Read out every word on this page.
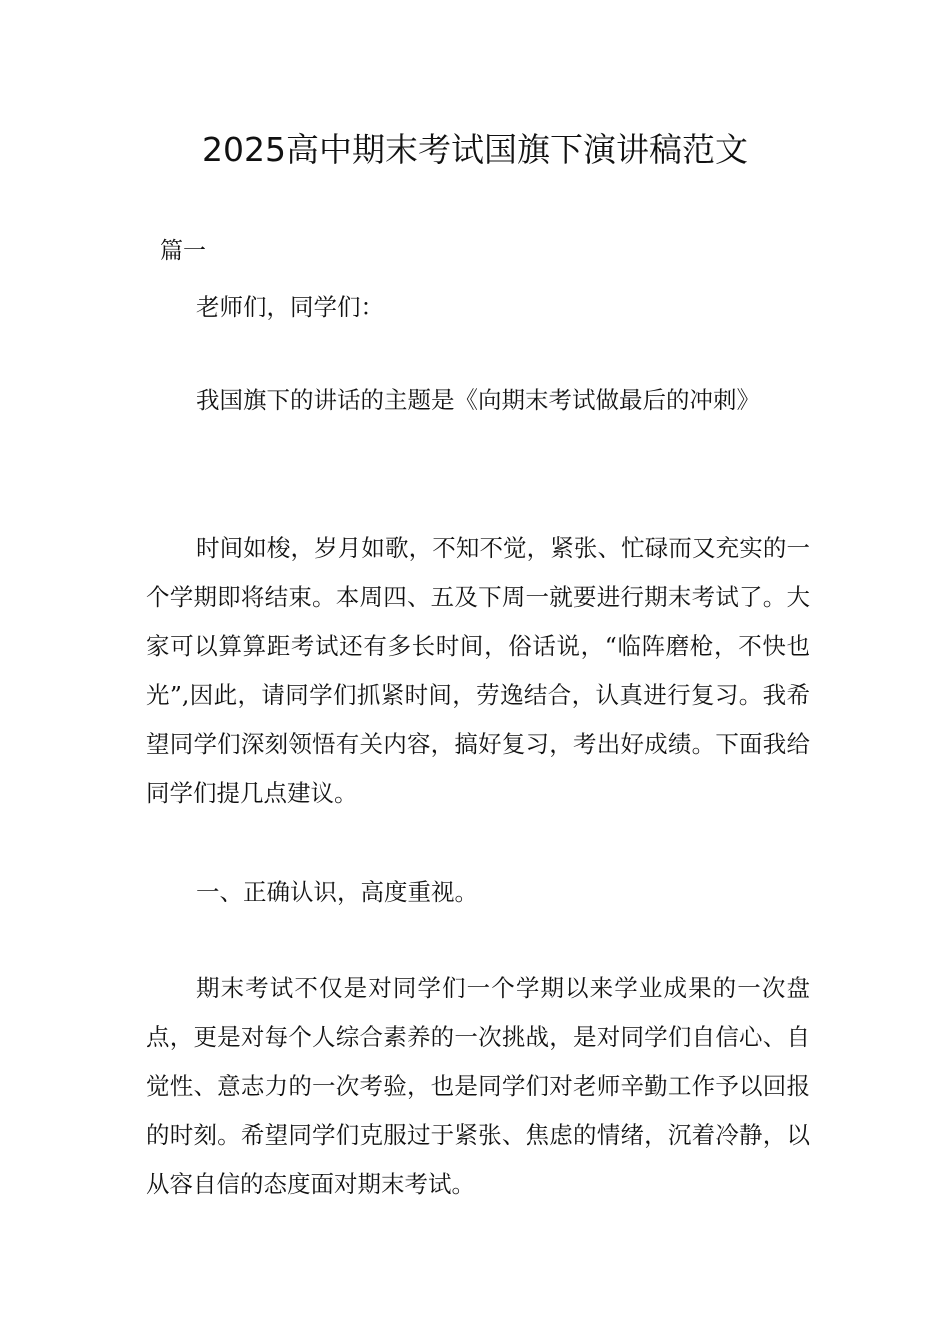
2025高中期末考试国旗下演讲稿范文
篇一

老师们，同学们：

我国旗下的讲话的主题是《向期末考试做最后的冲刺》

时间如梭，岁月如歌，不知不觉，紧张、忙碌而又充实的一个学期即将结束。本周四、五及下周一就要进行期末考试了。大家可以算算距考试还有多长时间，俗话说，“临阵磨枪，不快也光”,因此，请同学们抓紧时间，劳逸结合，认真进行复习。我希望同学们深刻领悟有关内容，搞好复习，考出好成绩。下面我给同学们提几点建议。

一、正确认识，高度重视。

期末考试不仅是对同学们一个学期以来学业成果的一次盘点，更是对每个人综合素养的一次挑战，是对同学们自信心、自觉性、意志力的一次考验，也是同学们对老师辛勤工作予以回报的时刻。希望同学们克服过于紧张、焦虑的情绪，沉着冷静，以从容自信的态度面对期末考试。
